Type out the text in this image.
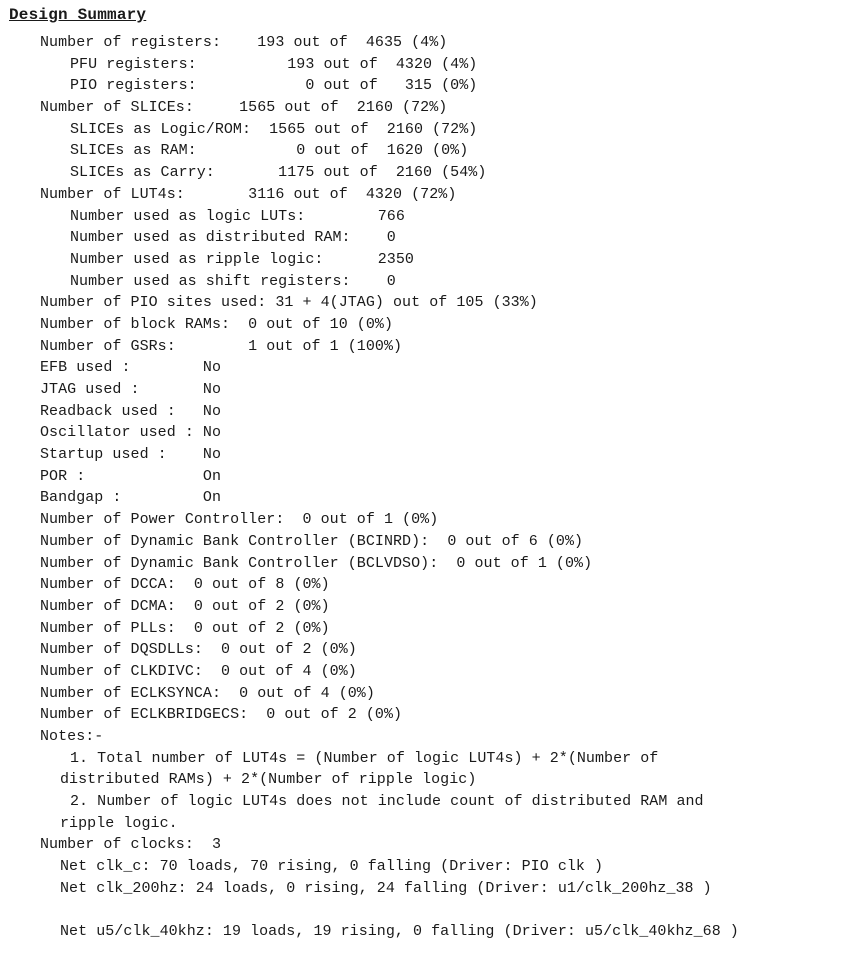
Design Summary
Number of registers:    193 out of  4635 (4%)
PFU registers:          193 out of  4320 (4%)
PIO registers:            0 out of   315 (0%)
Number of SLICEs:     1565 out of  2160 (72%)
SLICEs as Logic/ROM:  1565 out of  2160 (72%)
SLICEs as RAM:           0 out of  1620 (0%)
SLICEs as Carry:       1175 out of  2160 (54%)
Number of LUT4s:       3116 out of  4320 (72%)
Number used as logic LUTs:        766
Number used as distributed RAM:    0
Number used as ripple logic:      2350
Number used as shift registers:    0
Number of PIO sites used: 31 + 4(JTAG) out of 105 (33%)
Number of block RAMs:  0 out of 10 (0%)
Number of GSRs:        1 out of 1 (100%)
EFB used :        No
JTAG used :       No
Readback used :   No
Oscillator used : No
Startup used :    No
POR :             On
Bandgap :         On
Number of Power Controller:  0 out of 1 (0%)
Number of Dynamic Bank Controller (BCINRD):  0 out of 6 (0%)
Number of Dynamic Bank Controller (BCLVDSO):  0 out of 1 (0%)
Number of DCCA:  0 out of 8 (0%)
Number of DCMA:  0 out of 2 (0%)
Number of PLLs:  0 out of 2 (0%)
Number of DQSDLLs:  0 out of 2 (0%)
Number of CLKDIVC:  0 out of 4 (0%)
Number of ECLKSYNCA:  0 out of 4 (0%)
Number of ECLKBRIDGECS:  0 out of 2 (0%)
Notes:-
1. Total number of LUT4s = (Number of logic LUT4s) + 2*(Number of
distributed RAMs) + 2*(Number of ripple logic)
2. Number of logic LUT4s does not include count of distributed RAM and
ripple logic.
Number of clocks:  3
Net clk_c: 70 loads, 70 rising, 0 falling (Driver: PIO clk )
Net clk_200hz: 24 loads, 0 rising, 24 falling (Driver: u1/clk_200hz_38 )
Net u5/clk_40khz: 19 loads, 19 rising, 0 falling (Driver: u5/clk_40khz_68 )
